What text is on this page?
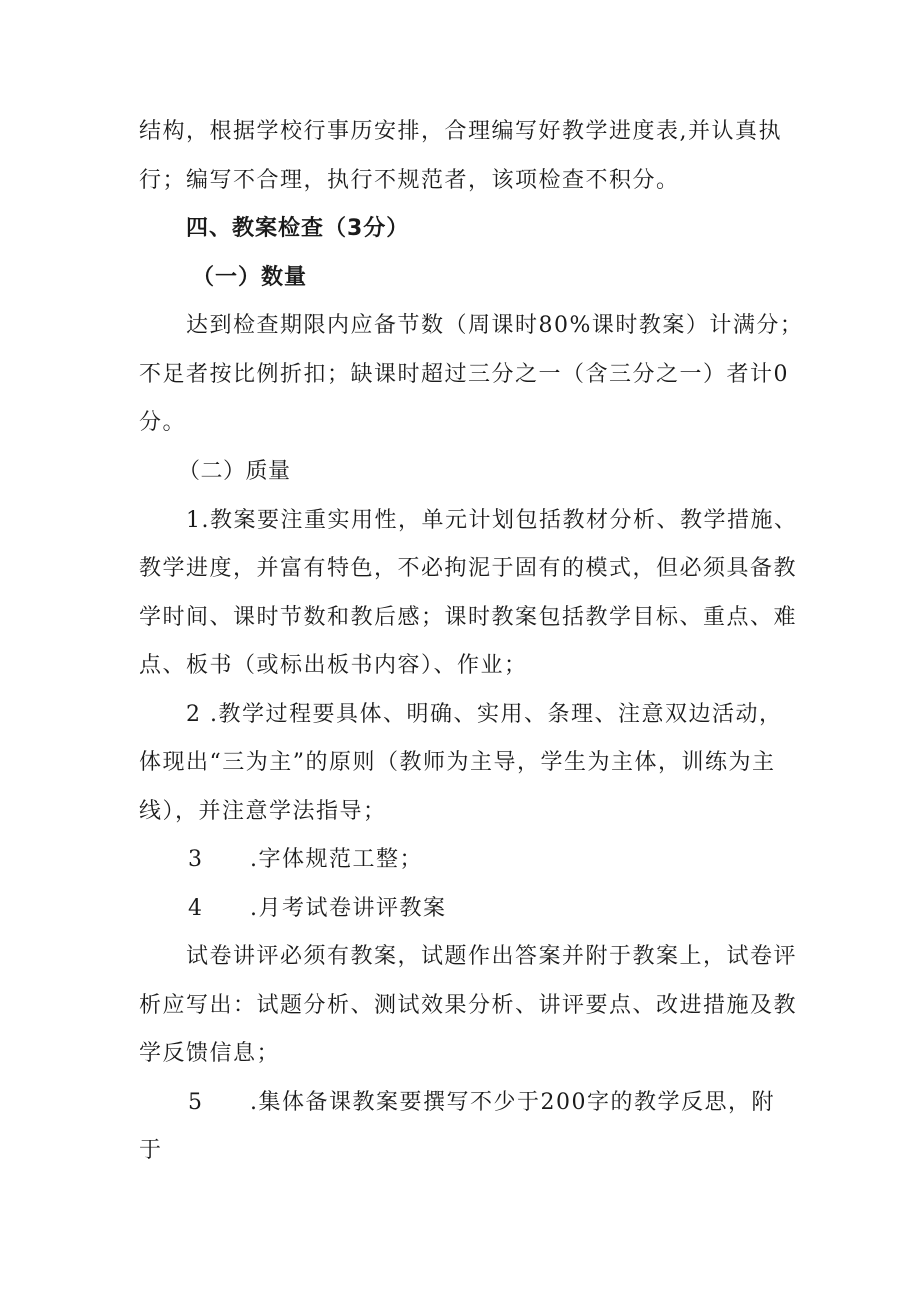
结构，根据学校行事历安排，合理编写好教学进度表,并认真执

行；编写不合理，执行不规范者，该项检查不积分。

四、教案检查（3分）

（一）数量

达到检查期限内应备节数（周课时80%课时教案）计满分；

不足者按比例折扣；缺课时超过三分之一（含三分之一）者计0

分。

（二）质量

1.教案要注重实用性，单元计划包括教材分析、教学措施、

教学进度，并富有特色，不必拘泥于固有的模式，但必须具备教

学时间、课时节数和教后感；课时教案包括教学目标、重点、难

点、板书（或标出板书内容）、作业；

2 .教学过程要具体、明确、实用、条理、注意双边活动，

体现出“三为主”的原则（教师为主导，学生为主体，训练为主

线），并注意学法指导；

3 .字体规范工整；

4 .月考试卷讲评教案

试卷讲评必须有教案，试题作出答案并附于教案上，试卷评

析应写出：试题分析、测试效果分析、讲评要点、改进措施及教

学反馈信息；

5 .集体备课教案要撰写不少于200字的教学反思，附

于
